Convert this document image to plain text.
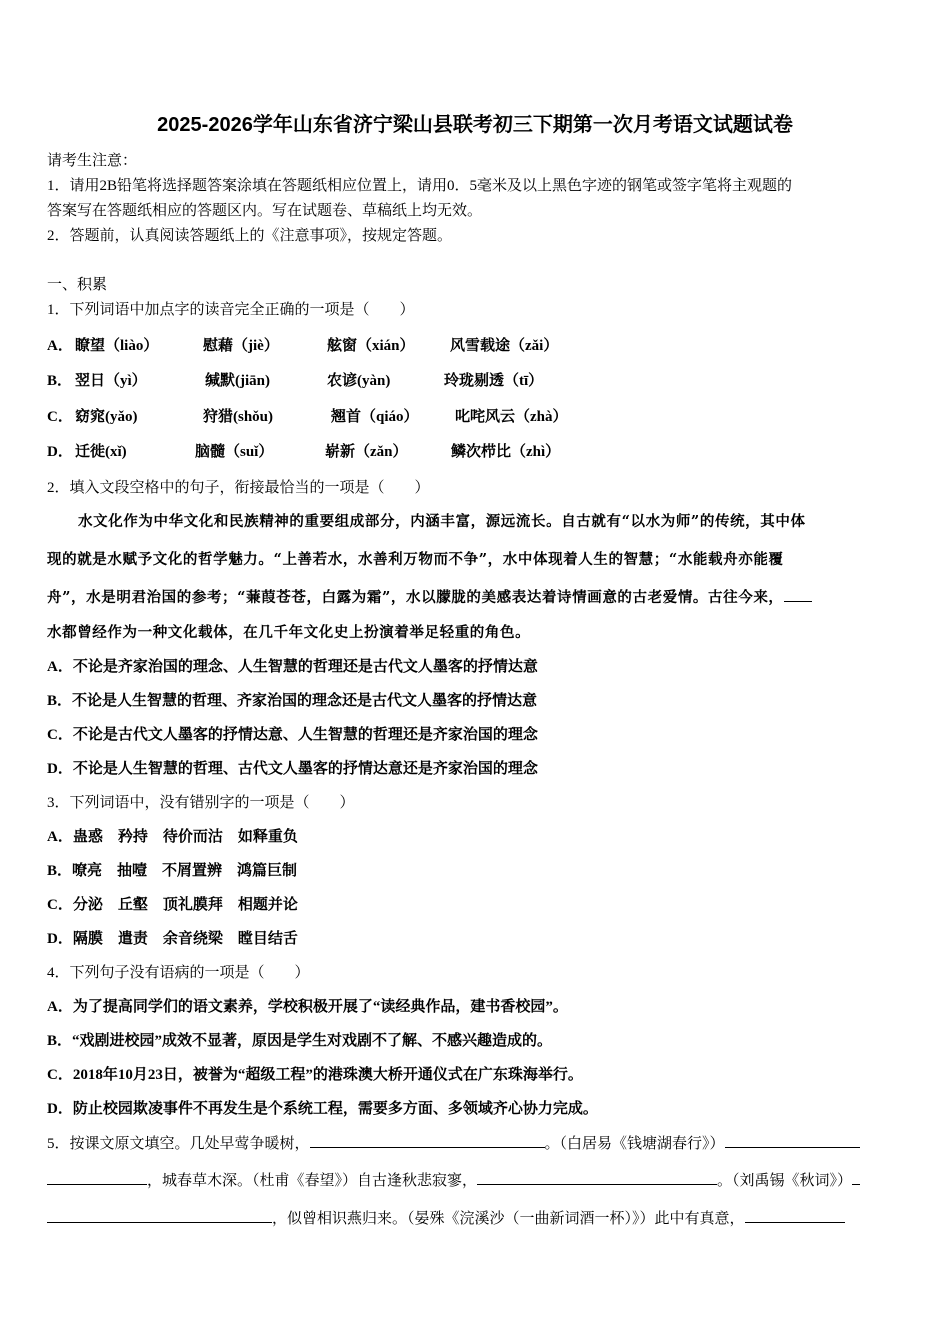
2025-2026学年山东省济宁梁山县联考初三下期第一次月考语文试题试卷
请考生注意：
1．请用2B铅笔将选择题答案涂填在答题纸相应位置上，请用0．5毫米及以上黑色字迹的钢笔或签字笔将主观题的
答案写在答题纸相应的答题区内。写在试题卷、草稿纸上均无效。
2．答题前，认真阅读答题纸上的《注意事项》，按规定答题。
一、积累
1．下列词语中加点字的读音完全正确的一项是（　　）
A． 瞭望（liào）	慰藉（jiè）	舷窗（xián） 风雪载途（zǎi）
B． 翌日（yì）	缄默(jiān)	农谚(yàn)	玲珑剔透（tī）
C． 窈窕(yǎo)	狩猎(shǒu)	翘首（qiáo） 叱咤风云（zhà）
D． 迁徙(xǐ)	脑髓（suǐ）	崭新（zǎn）	鳞次栉比（zhì）
2．填入文段空格中的句子，衔接最恰当的一项是（　　）
水文化作为中华文化和民族精神的重要组成部分，内涵丰富，源远流长。自古就有“以水为师”的传统，其中体
现的就是水赋予文化的哲学魅力。“上善若水，水善利万物而不争”，水中体现着人生的智慧；“水能载舟亦能覆
舟”，水是明君治国的参考；“蒹葭苍苍，白露为霜”，水以朦胧的美感表达着诗情画意的古老爱情。古往今来，
水都曾经作为一种文化载体，在几千年文化史上扮演着举足轻重的角色。
A．不论是齐家治国的理念、人生智慧的哲理还是古代文人墨客的抒情达意
B．不论是人生智慧的哲理、齐家治国的理念还是古代文人墨客的抒情达意
C．不论是古代文人墨客的抒情达意、人生智慧的哲理还是齐家治国的理念
D．不论是人生智慧的哲理、古代文人墨客的抒情达意还是齐家治国的理念
3．下列词语中，没有错别字的一项是（　　）
A．蛊惑　矜持　待价而沽　如释重负
B．嘹亮　抽噎　不屑置辨　鸿篇巨制
C．分泌　丘壑　顶礼膜拜　相题并论
D．隔膜　遣责　余音绕梁　瞠目结舌
4．下列句子没有语病的一项是（　　）
A．为了提高同学们的语文素养，学校积极开展了“读经典作品，建书香校园”。
B．“戏剧进校园”成效不显著，原因是学生对戏剧不了解、不感兴趣造成的。
C．2018年10月23日，被誉为“超级工程”的港珠澳大桥开通仪式在广东珠海举行。
D．防止校园欺凌事件不再发生是个系统工程，需要多方面、多领域齐心协力完成。
5．按课文原文填空。几处早莺争暖树，	。（白居易《钱塘湖春行》）
，城春草木深。（杜甫《春望》）自古逢秋悲寂寥，	。（刘禹锡《秋词》）
，似曾相识燕归来。（晏殊《浣溪沙（一曲新词酒一杯）》）此中有真意，
